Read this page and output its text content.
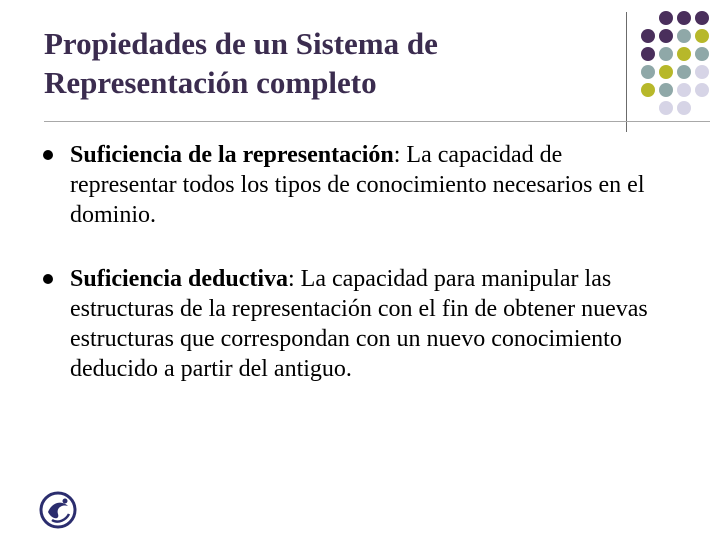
Propiedades de un Sistema de
Representación completo
Suficiencia de la representación: La capacidad de representar todos los tipos de conocimiento necesarios en el dominio.
Suficiencia deductiva: La capacidad para manipular las estructuras de la representación con el fin de obtener nuevas estructuras que correspondan con un nuevo conocimiento deducido a partir del antiguo.
